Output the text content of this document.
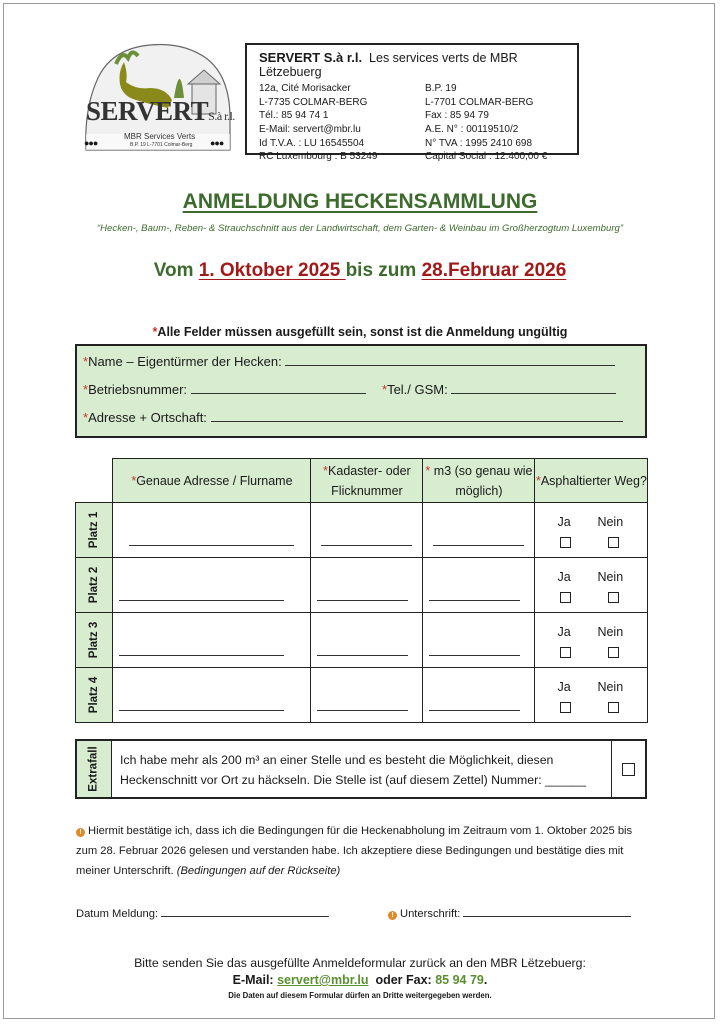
SERVERTS.à r.l.
MBR Services Verts
B.P. 19 L-7701 Colmar-Berg
●●●	●●●
SERVERT S.à r.l. Les services verts de MBR Lëtzebuerg
12a, Cité Morisacker
L-7735 COLMAR-BERG
Tél.: 85 94 74 1
E-Mail: servert@mbr.lu
Id T.V.A. : LU 16545504
RC Luxembourg : B 53249
B.P. 19
L-7701 COLMAR-BERG
Fax : 85 94 79
A.E. N° : 00119510/2
N° TVA : 1995 2410 698
Capital Social : 12.400,00 €
ANMELDUNG HECKENSAMMLUNG
“Hecken-, Baum-, Reben- & Strauchschnitt aus der Landwirtschaft, dem Garten- & Weinbau im Großherzogtum Luxemburg”
Vom 1. Oktober 2025 bis zum 28.Februar 2026
*Alle Felder müssen ausgefüllt sein, sonst ist die Anmeldung ungültig
*Name – Eigentürmer der Hecken:
*Betriebsnummer:	*Tel./ GSM:
*Adresse + Ortschaft:
	*Genaue Adresse / Flurname	*Kadaster- oder Flicknummer	* m3 (so genau wie möglich)	*Asphaltierter Weg?

Platz 1				Ja Nein

Platz 2				Ja Nein

Platz 3				Ja Nein

Platz 4				Ja Nein
Extrafall Ich habe mehr als 200 m³ an einer Stelle und es besteht die Möglichkeit, diesen
Heckenschnitt vor Ort zu häckseln. Die Stelle ist (auf diesem Zettel) Nummer: ______
! Hiermit bestätige ich, dass ich die Bedingungen für die Heckenabholung im Zeitraum vom 1. Oktober 2025 bis zum 28. Februar 2026 gelesen und verstanden habe. Ich akzeptiere diese Bedingungen und bestätige dies mit meiner Unterschrift. (Bedingungen auf der Rückseite)
Datum Meldung:	! Unterschrift:
Bitte senden Sie das ausgefüllte Anmeldeformular zurück an den MBR Lëtzebuerg:
E-Mail: servert@mbr.lu oder Fax: 85 94 79.
Die Daten auf diesem Formular dürfen an Dritte weitergegeben werden.
